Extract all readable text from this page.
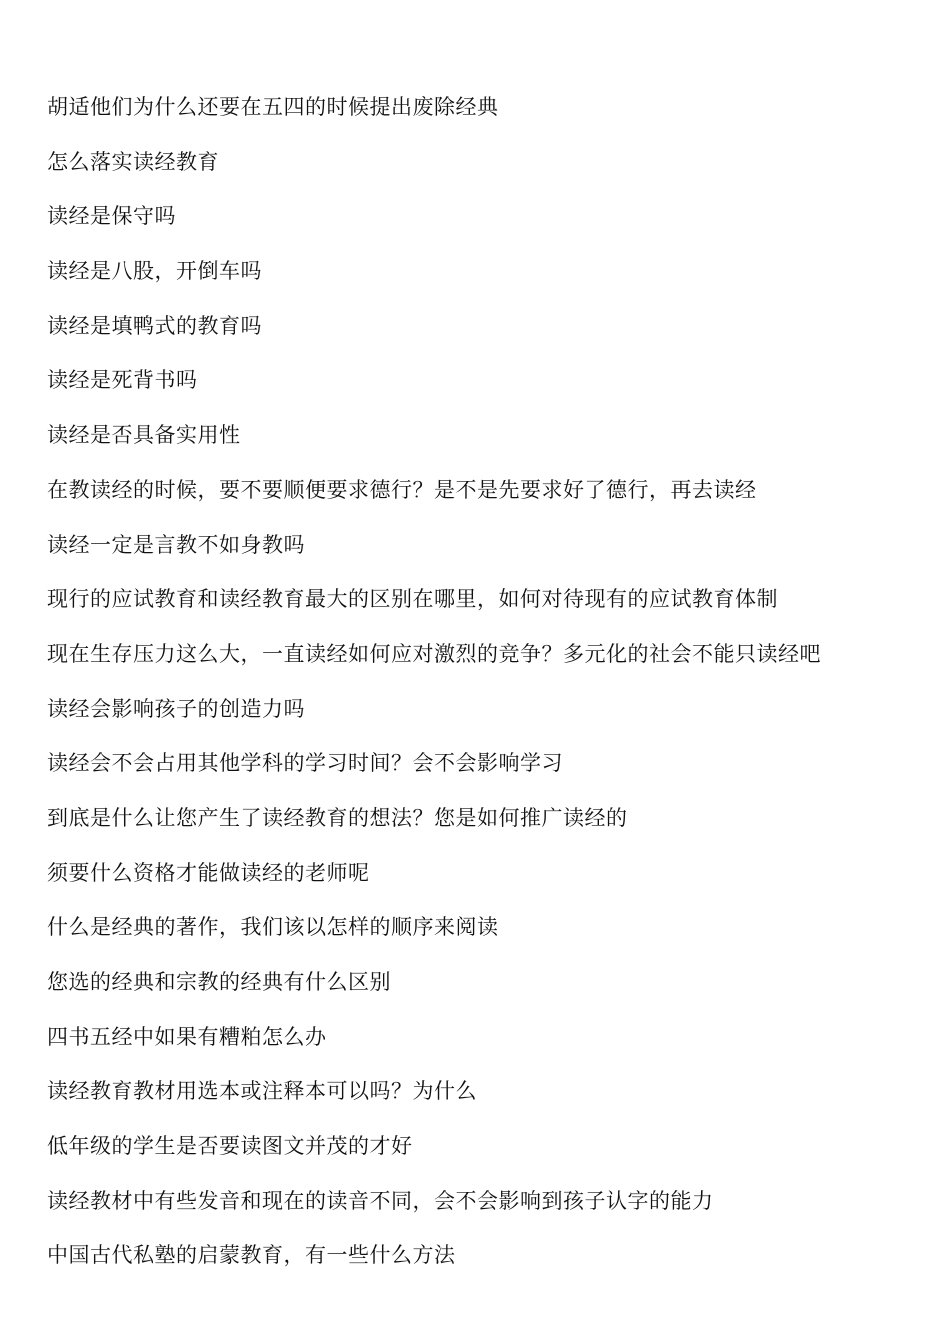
胡适他们为什么还要在五四的时候提出废除经典
怎么落实读经教育
读经是保守吗
读经是八股，开倒车吗
读经是填鸭式的教育吗
读经是死背书吗
读经是否具备实用性
在教读经的时候，要不要顺便要求德行？是不是先要求好了德行，再去读经
读经一定是言教不如身教吗
现行的应试教育和读经教育最大的区别在哪里，如何对待现有的应试教育体制
现在生存压力这么大，一直读经如何应对激烈的竞争？多元化的社会不能只读经吧
读经会影响孩子的创造力吗
读经会不会占用其他学科的学习时间？会不会影响学习
到底是什么让您产生了读经教育的想法？您是如何推广读经的
须要什么资格才能做读经的老师呢
什么是经典的著作，我们该以怎样的顺序来阅读
您选的经典和宗教的经典有什么区别
四书五经中如果有糟粕怎么办
读经教育教材用选本或注释本可以吗？为什么
低年级的学生是否要读图文并茂的才好
读经教材中有些发音和现在的读音不同，会不会影响到孩子认字的能力
中国古代私塾的启蒙教育，有一些什么方法
